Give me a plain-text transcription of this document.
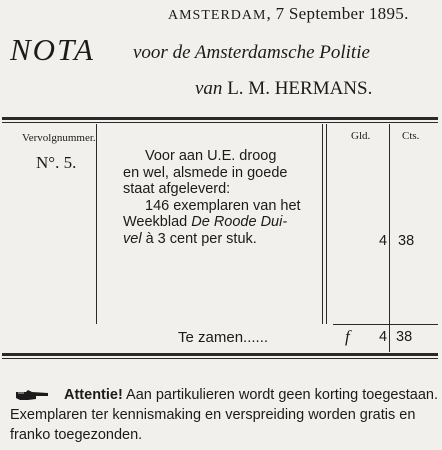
AMSTERDAM, 7 September 1895.
NOTA voor de Amsterdamsche Politie
van L. M. HERMANS.
Vervolgnummer.	Gld.	Cts.
N°. 5.	Voor aan U.E. droog
en wel, alsmede in goede
staat afgeleverd:
146 exemplaren van het
Weekblad De Roode Dui-
vel à 3 cent per stuk.	4 38
Te zamen......	f 4 38
Attentie! Aan partikulieren wordt geen korting toegestaan. Exemplaren ter kennismaking en verspreiding worden gratis en franko toegezonden.
